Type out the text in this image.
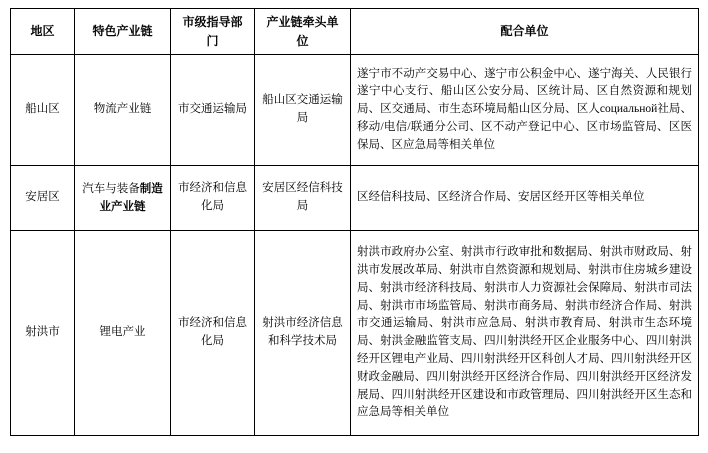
地区	特色产业链	市级指导部门	产业链牵头单位	配合单位
船山区	物流产业链	市交通运输局	船山区交通运输局	遂宁市不动产交易中心、遂宁市公积金中心、遂宁海关、人民银行遂宁中心支行、船山区公安分局、区统计局、区自然资源和规划局、区交通局、市生态环境局船山区分局、区人социальной社局、移动/电信/联通分公司、区不动产登记中心、区市场监管局、区医保局、区应急局等相关单位
安居区	汽车与装备制造业产业链	市经济和信息化局	安居区经信科技局	区经信科技局、区经济合作局、安居区经开区等相关单位
射洪市	锂电产业	市经济和信息化局	射洪市经济信息和科学技术局	射洪市政府办公室、射洪市行政审批和数据局、射洪市财政局、射洪市发展改革局、射洪市自然资源和规划局、射洪市住房城乡建设局、射洪市经济科技局、射洪市人力资源社会保障局、射洪市司法局、射洪市市场监管局、射洪市商务局、射洪市经济合作局、射洪市交通运输局、射洪市应急局、射洪市教育局、射洪市生态环境局、射洪金融监管支局、四川射洪经开区企业服务中心、四川射洪经开区锂电产业局、四川射洪经开区科创人才局、四川射洪经开区财政金融局、四川射洪经开区经济合作局、四川射洪经开区经济发展局、四川射洪经开区建设和市政管理局、四川射洪经开区生态和应急局等相关单位
